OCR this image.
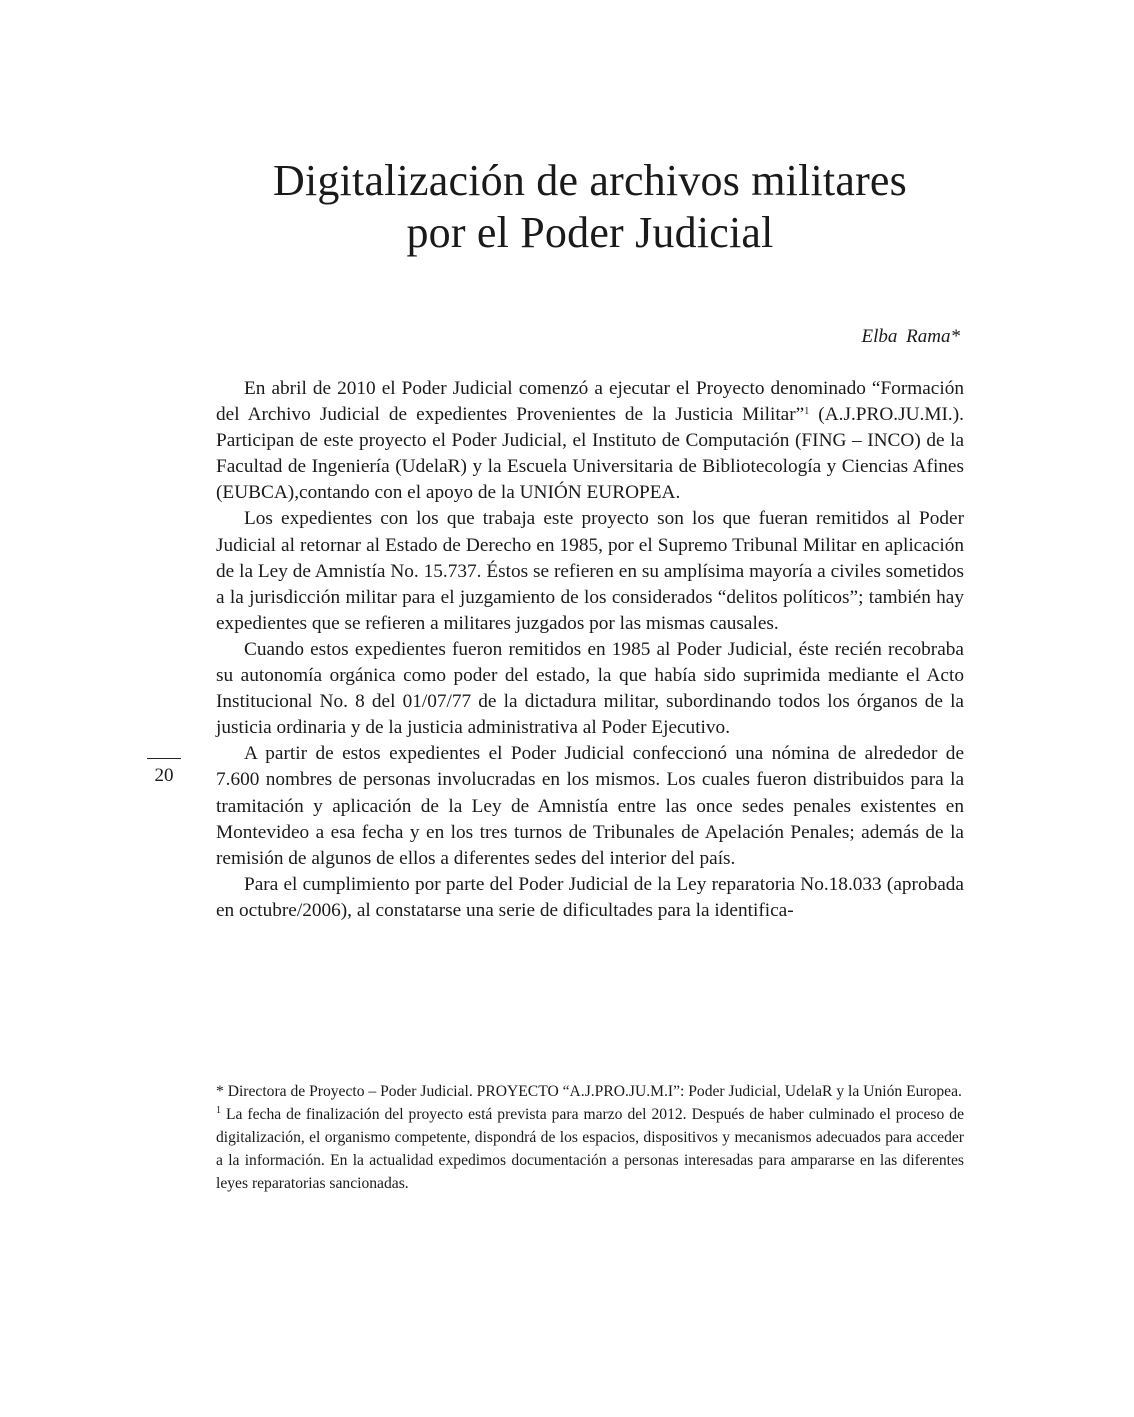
Digitalización de archivos militares
por el Poder Judicial
Elba Rama*

En abril de 2010 el Poder Judicial comenzó a ejecutar el Proyecto denominado “Formación del Archivo Judicial de expedientes Provenientes de la Justicia Militar”$^1$ (A.J.PRO.JU.MI.). Participan de este proyecto el Poder Judicial, el Instituto de Computación (FING – INCO) de la Facultad de Ingeniería (UdelaR) y la Escuela Universitaria de Bibliotecología y Ciencias Afines (EUBCA),contando con el apoyo de la UNIÓN EUROPEA.

Los expedientes con los que trabaja este proyecto son los que fueran remitidos al Poder Judicial al retornar al Estado de Derecho en 1985, por el Supremo Tribunal Militar en aplicación de la Ley de Amnistía No. 15.737. Éstos se refieren en su amplísima mayoría a civiles sometidos a la jurisdicción militar para el juzgamiento de los considerados “delitos políticos”; también hay expedientes que se refieren a militares juzgados por las mismas causales.

Cuando estos expedientes fueron remitidos en 1985 al Poder Judicial, éste recién recobraba su autonomía orgánica como poder del estado, la que había sido suprimida mediante el Acto Institucional No. 8 del 01/07/77 de la dictadura militar, subordinando todos los órganos de la justicia ordinaria y de la justicia administrativa al Poder Ejecutivo.

A partir de estos expedientes el Poder Judicial confeccionó una nómina de alrededor de 7.600 nombres de personas involucradas en los mismos. Los cuales fueron distribuidos para la tramitación y aplicación de la Ley de Amnistía entre las once sedes penales existentes en Montevideo a esa fecha y en los tres turnos de Tribunales de Apelación Penales; además de la remisión de algunos de ellos a diferentes sedes del interior del país.

Para el cumplimiento por parte del Poder Judicial de la Ley reparatoria No.18.033 (aprobada en octubre/2006), al constatarse una serie de dificultades para la identifica-

20

* Directora de Proyecto – Poder Judicial. PROYECTO “A.J.PRO.JU.M.I”: Poder Judicial, UdelaR y la Unión Europea.

$^1$ La fecha de finalización del proyecto está prevista para marzo del 2012. Después de haber culminado el proceso de digitalización, el organismo competente, dispondrá de los espacios, dispositivos y mecanismos adecuados para acceder a la información. En la actualidad expedimos documentación a personas interesadas para ampararse en las diferentes leyes reparatorias sancionadas.
